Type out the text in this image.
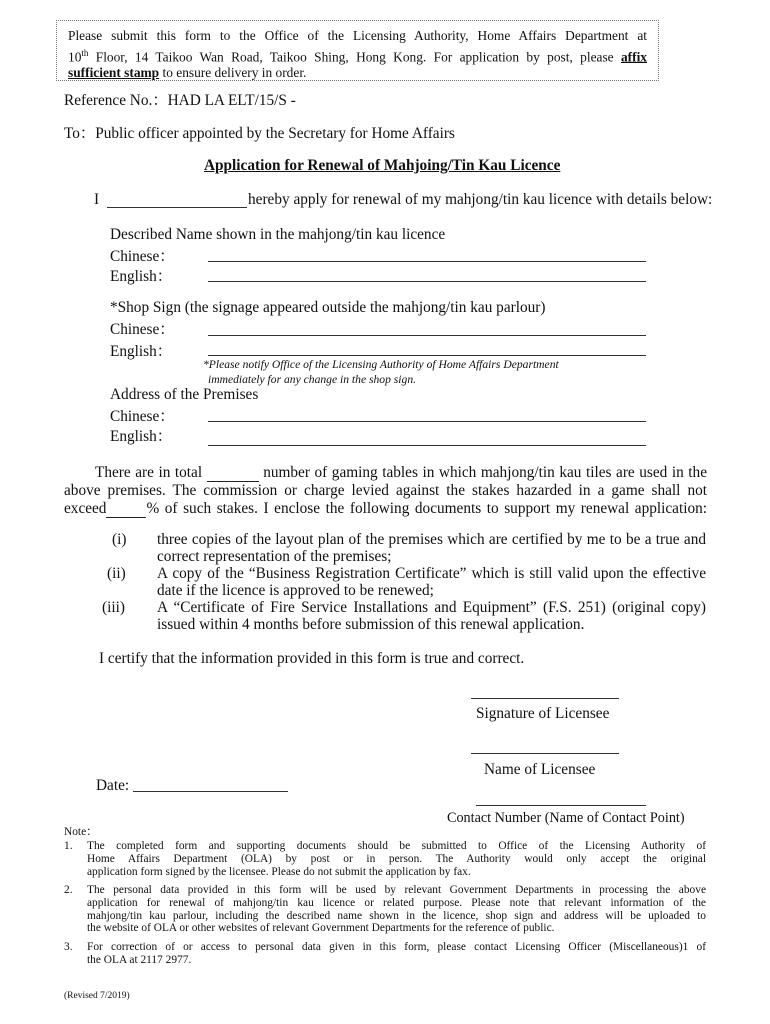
Please submit this form to the Office of the Licensing Authority, Home Affairs Department at
10th Floor, 14 Taikoo Wan Road, Taikoo Shing, Hong Kong. For application by post, please affix
sufficient stamp to ensure delivery in order.
Reference No.：HAD LA ELT/15/S -
To：Public officer appointed by the Secretary for Home Affairs
Application for Renewal of Mahjoing/Tin Kau Licence
I	hereby apply for renewal of my mahjong/tin kau licence with details below:
Described Name shown in the mahjong/tin kau licence
Chinese：
English：
*Shop Sign (the signage appeared outside the mahjong/tin kau parlour)
Chinese：
English：
*Please notify Office of the Licensing Authority of Home Affairs Department
immediately for any change in the shop sign.
Address of the Premises
Chinese：
English：
There are in total	number of gaming tables in which mahjong/tin kau tiles are used in the
above premises. The commission or charge levied against the stakes hazarded in a game shall not
exceed	% of such stakes. I enclose the following documents to support my renewal application:
(i) three copies of the layout plan of the premises which are certified by me to be a true and
correct representation of the premises;
(ii) A copy of the “Business Registration Certificate” which is still valid upon the effective
date if the licence is approved to be renewed;
(iii) A “Certificate of Fire Service Installations and Equipment” (F.S. 251) (original copy)
issued within 4 months before submission of this renewal application.
I certify that the information provided in this form is true and correct.
Signature of Licensee
Name of Licensee
Date:
Contact Number (Name of Contact Point)
Note：
1. The completed form and supporting documents should be submitted to Office of the Licensing Authority of
Home Affairs Department (OLA) by post or in person. The Authority would only accept the original
application form signed by the licensee. Please do not submit the application by fax.
2. The personal data provided in this form will be used by relevant Government Departments in processing the above
application for renewal of mahjong/tin kau licence or related purpose. Please note that relevant information of the
mahjong/tin kau parlour, including the described name shown in the licence, shop sign and address will be uploaded to
the website of OLA or other websites of relevant Government Departments for the reference of public.
3. For correction of or access to personal data given in this form, please contact Licensing Officer (Miscellaneous)1 of
the OLA at 2117 2977.
(Revised 7/2019)
